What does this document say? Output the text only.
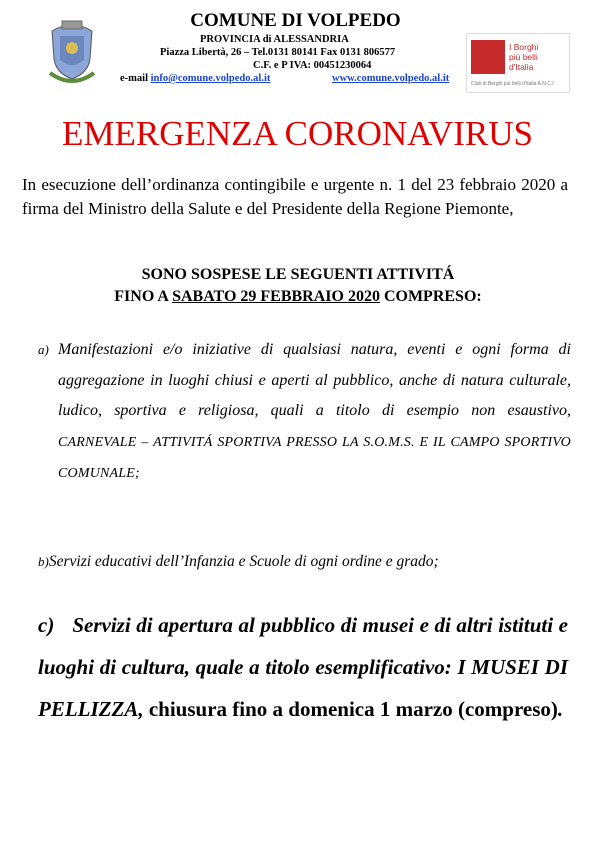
COMUNE DI VOLPEDO
PROVINCIA di ALESSANDRIA
Piazza Libertà, 26 – Tel.0131 80141 Fax 0131 806577
C.F. e P IVA: 00451230064
e-mail info@comune.volpedo.al.it	www.comune.volpedo.al.it
I Borghi
più belli
d'Italia
Club di Borghi più belli d'Italia A.N.C.I.
EMERGENZA CORONAVIRUS
In esecuzione dell’ordinanza contingibile e urgente n. 1 del 23 febbraio 2020 a firma del Ministro della Salute e del Presidente della Regione Piemonte,
SONO SOSPESE LE SEGUENTI ATTIVITÁ
FINO A SABATO 29 FEBBRAIO 2020 COMPRESO:
a) Manifestazioni e/o iniziative di qualsiasi natura, eventi e ogni forma di aggregazione in luoghi chiusi e aperti al pubblico, anche di natura culturale, ludico, sportiva e religiosa, quali a titolo di esempio non esaustivo, CARNEVALE – ATTIVITÁ SPORTIVA PRESSO LA S.O.M.S. E IL CAMPO SPORTIVO COMUNALE;
b)Servizi educativi dell’Infanzia e Scuole di ogni ordine e grado;
c) Servizi di apertura al pubblico di musei e di altri istituti e luoghi di cultura, quale a titolo esemplificativo: I MUSEI DI PELLIZZA, chiusura fino a domenica 1 marzo (compreso).
